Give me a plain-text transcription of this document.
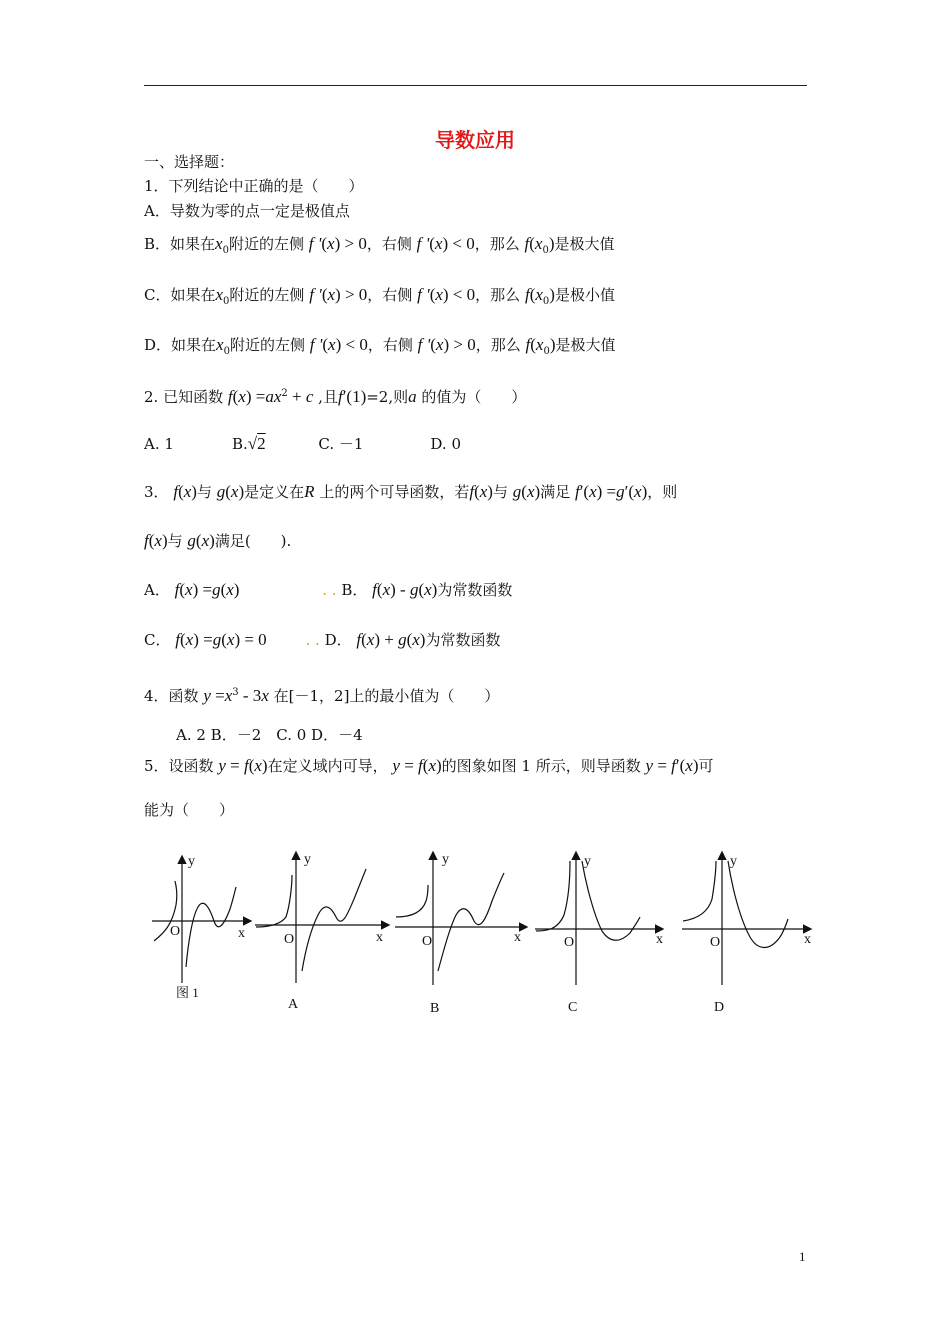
导数应用
一、选择题：
1．下列结论中正确的是（　　）
A．导数为零的点一定是极值点
B．如果在$x_0$附近的左侧 f '(x) > 0，右侧 f '(x) < 0，那么 $f(x_0)$是极大值
C．如果在$x_0$附近的左侧 f '(x) > 0，右侧 f '(x) < 0，那么 $f(x_0)$是极小值
D．如果在$x_0$附近的左侧 f '(x) < 0，右侧 f '(x) > 0，那么 $f(x_0)$是极大值
2. 已知函数 $f(x) =ax^2 + c$ ,且f′(1)=2,则a 的值为（　　）
A. 1	B.√2	C. －1	D. 0
3． f(x)与 g(x)是定义在R 上的两个可导函数，若f(x)与 g(x)满足 f′(x) =g′(x)，则
f(x)与 g(x)满足(　　).
A． f(x) =g(x)	. . B． f(x) - g(x)为常数函数
C． f(x) =g(x) = 0	. . D． f(x) + g(x)为常数函数
4．函数 $y =x^3 - 3x$ 在[－1，2]上的最小值为（　　）
A. 2 B．－2　C. 0 D．－4
5．设函数 y = f(x)在定义域内可导， y = f(x)的图象如图 1 所示，则导函数 y = f′(x)可
能为（　　）
y
x
O
图 1
y
x
O
A
y
x
O
B
y
x
O
C
y
x
O
D
1
